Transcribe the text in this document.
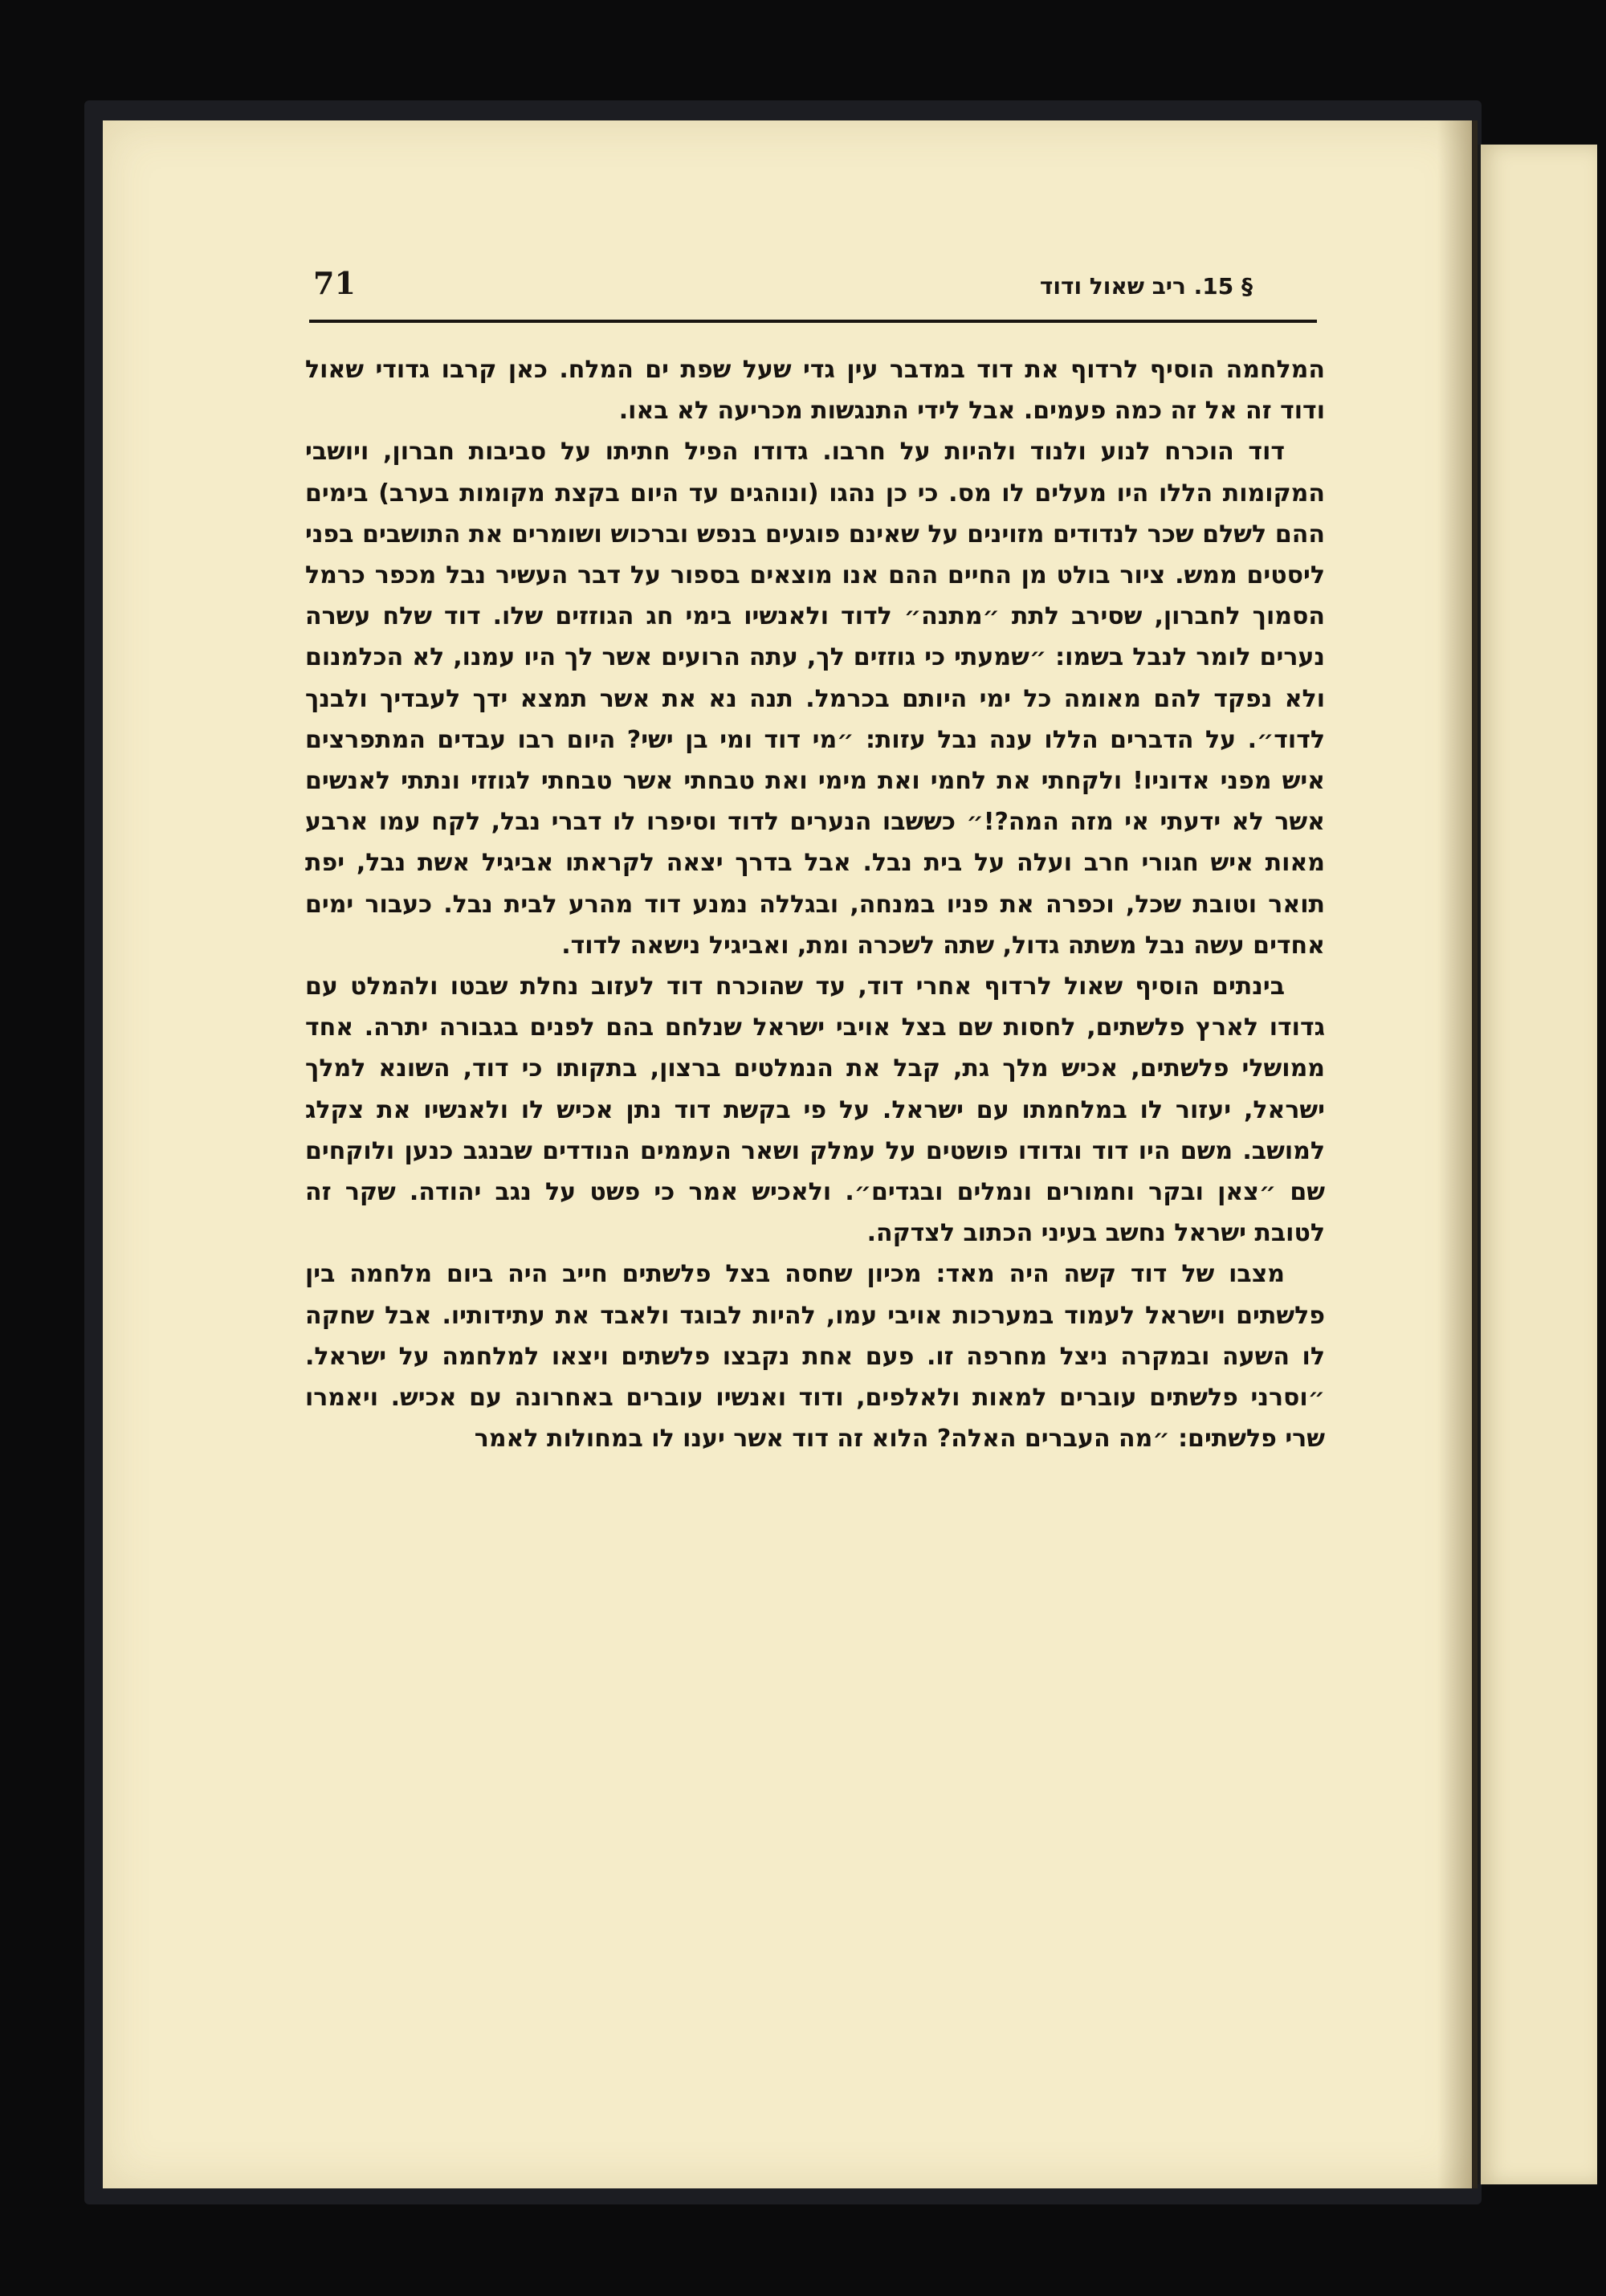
71	§ 15. ריב שאול ודוד

המלחמה הוסיף לרדוף את דוד במדבר עין גדי שעל שפת ים המלח. כאן קרבו גדודי שאול ודוד זה אל זה כמה פעמים. אבל לידי התנגשות מכריעה לא באו.

דוד הוכרח לנוע ולנוד ולהיות על חרבו. גדודו הפיל חתיתו על סביבות חברון, ויושבי המקומות הללו היו מעלים לו מס. כי כן נהגו (ונוהגים עד היום בקצת מקומות בערב) בימים ההם לשלם שכר לנדודים מזוינים על שאינם פוגעים בנפש וברכוש ושומרים את התושבים בפני ליסטים ממש. ציור בולט מן החיים ההם אנו מוצאים בספור על דבר העשיר נבל מכפר כרמל הסמוך לחברון, שסירב לתת ״מתנה״ לדוד ולאנשיו בימי חג הגוזזים שלו. דוד שלח עשרה נערים לומר לנבל בשמו: ״שמעתי כי גוזזים לך, עתה הרועים אשר לך היו עמנו, לא הכלמנום ולא נפקד להם מאומה כל ימי היותם בכרמל. תנה נא את אשר תמצא ידך לעבדיך ולבנך לדוד״. על הדברים הללו ענה נבל עזות: ״מי דוד ומי בן ישי? היום רבו עבדים המתפרצים איש מפני אדוניו! ולקחתי את לחמי ואת מימי ואת טבחתי אשר טבחתי לגוזזי ונתתי לאנשים אשר לא ידעתי אי מזה המה?!״ כששבו הנערים לדוד וסיפרו לו דברי נבל, לקח עמו ארבע מאות איש חגורי חרב ועלה על בית נבל. אבל בדרך יצאה לקראתו אביגיל אשת נבל, יפת תואר וטובת שכל, וכפרה את פניו במנחה, ובגללה נמנע דוד מהרע לבית נבל. כעבור ימים אחדים עשה נבל משתה גדול, שתה לשכרה ומת, ואביגיל נישאה לדוד.

בינתים הוסיף שאול לרדוף אחרי דוד, עד שהוכרח דוד לעזוב נחלת שבטו ולהמלט עם גדודו לארץ פלשתים, לחסות שם בצל אויבי ישראל שנלחם בהם לפנים בגבורה יתרה. אחד ממושלי פלשתים, אכיש מלך גת, קבל את הנמלטים ברצון, בתקותו כי דוד, השונא למלך ישראל, יעזור לו במלחמתו עם ישראל. על פי בקשת דוד נתן אכיש לו ולאנשיו את צקלג למושב. משם היו דוד וגדודו פושטים על עמלק ושאר העממים הנודדים שבנגב כנען ולוקחים שם ״צאן ובקר וחמורים ונמלים ובגדים״. ולאכיש אמר כי פשט על נגב יהודה. שקר זה לטובת ישראל נחשב בעיני הכתוב לצדקה.

מצבו של דוד קשה היה מאד: מכיון שחסה בצל פלשתים חייב היה ביום מלחמה בין פלשתים וישראל לעמוד במערכות אויבי עמו, להיות לבוגד ולאבד את עתידותיו. אבל שחקה לו השעה ובמקרה ניצל מחרפה זו. פעם אחת נקבצו פלשתים ויצאו למלחמה על ישראל. ״וסרני פלשתים עוברים למאות ולאלפים, ודוד ואנשיו עוברים באחרונה עם אכיש. ויאמרו שרי פלשתים: ״מה העברים האלה? הלוא זה דוד אשר יענו לו במחולות לאמר
